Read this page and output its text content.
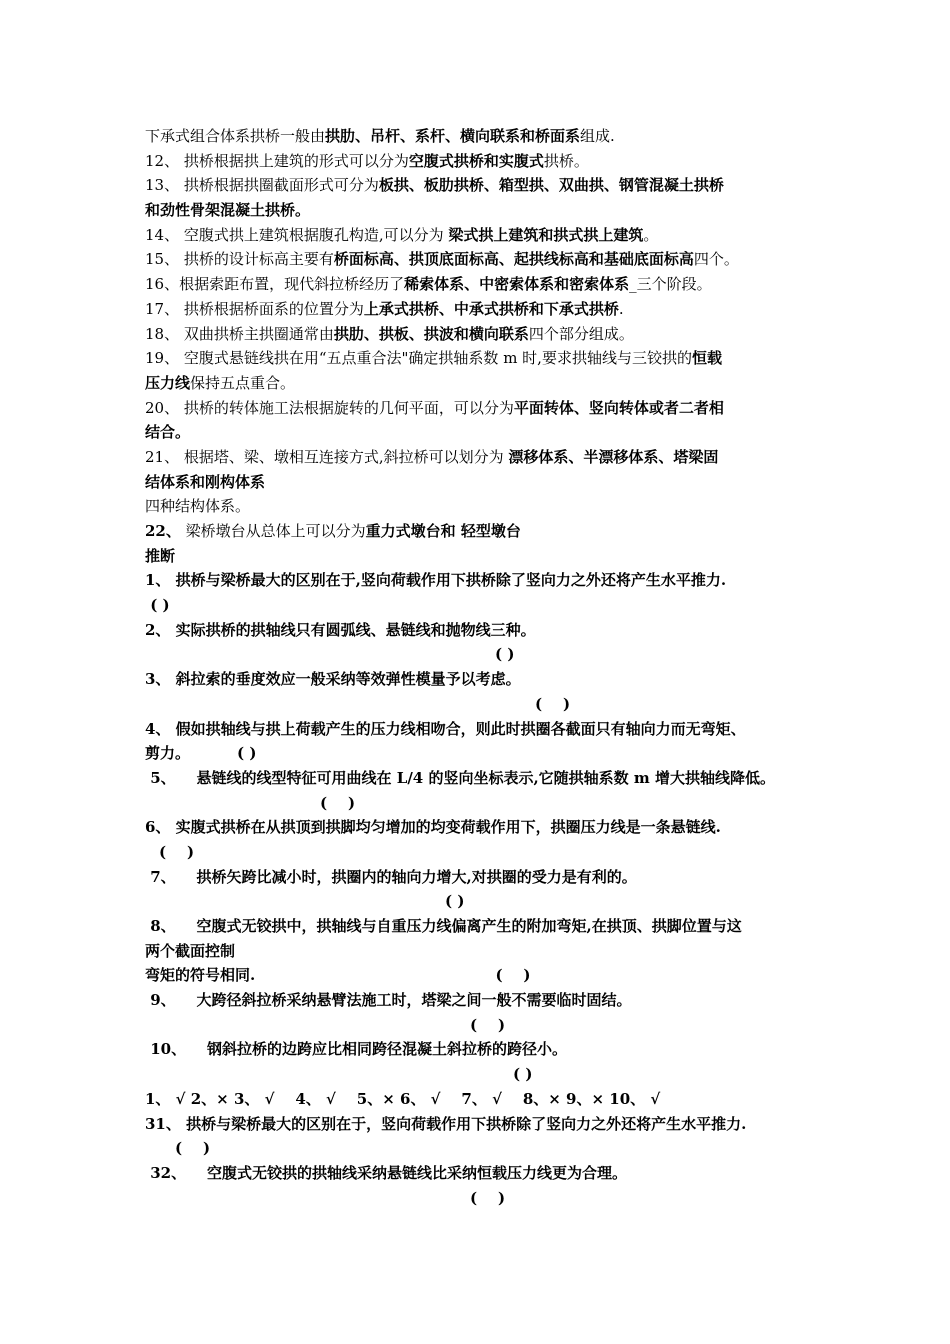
下承式组合体系拱桥一般由拱肋、吊杆、系杆、横向联系和桥面系组成.
12、 拱桥根据拱上建筑的形式可以分为空腹式拱桥和实腹式拱桥。
13、 拱桥根据拱圈截面形式可分为板拱、板肋拱桥、箱型拱、双曲拱、钢管混凝土拱桥
和劲性骨架混凝土拱桥。
14、 空腹式拱上建筑根据腹孔构造,可以分为 梁式拱上建筑和拱式拱上建筑。
15、 拱桥的设计标高主要有桥面标高、拱顶底面标高、起拱线标高和基础底面标高四个。
16、根据索距布置，现代斜拉桥经历了稀索体系、中密索体系和密索体系_三个阶段。
17、 拱桥根据桥面系的位置分为上承式拱桥、中承式拱桥和下承式拱桥.
18、 双曲拱桥主拱圈通常由拱肋、拱板、拱波和横向联系四个部分组成。
19、 空腹式悬链线拱在用“五点重合法"确定拱轴系数 m 时,要求拱轴线与三铰拱的恒载
压力线保持五点重合。
20、 拱桥的转体施工法根据旋转的几何平面，可以分为平面转体、竖向转体或者二者相
结合。
21、 根据塔、梁、墩相互连接方式,斜拉桥可以划分为 漂移体系、半漂移体系、塔梁固
结体系和刚构体系
四种结构体系。
22、 梁桥墩台从总体上可以分为重力式墩台和 轻型墩台
推断
1、 拱桥与梁桥最大的区别在于,竖向荷载作用下拱桥除了竖向力之外还将产生水平推力.
( )
2、 实际拱桥的拱轴线只有圆弧线、悬链线和抛物线三种。
( )
3、 斜拉索的垂度效应一般采纳等效弹性模量予以考虑。
(    )
4、 假如拱轴线与拱上荷载产生的压力线相吻合，则此时拱圈各截面只有轴向力而无弯矩、
剪力。         ( )
5、    悬链线的线型特征可用曲线在 L/4 的竖向坐标表示,它随拱轴系数 m 增大拱轴线降低。
(    )
6、 实腹式拱桥在从拱顶到拱脚均匀增加的均变荷载作用下，拱圈压力线是一条悬链线.
(    )
7、    拱桥矢跨比减小时，拱圈内的轴向力增大,对拱圈的受力是有利的。
( )
8、    空腹式无铰拱中，拱轴线与自重压力线偏离产生的附加弯矩,在拱顶、拱脚位置与这
两个截面控制
弯矩的符号相同.                                              (    )
9、    大跨径斜拉桥采纳悬臂法施工时，塔梁之间一般不需要临时固结。
(    )
10、    钢斜拉桥的边跨应比相同跨径混凝土斜拉桥的跨径小。
( )
1、 √ 2、× 3、 √    4、 √    5、× 6、 √    7、 √    8、× 9、× 10、 √
31、 拱桥与梁桥最大的区别在于，竖向荷载作用下拱桥除了竖向力之外还将产生水平推力.
(    )
32、    空腹式无铰拱的拱轴线采纳悬链线比采纳恒载压力线更为合理。
(    )
